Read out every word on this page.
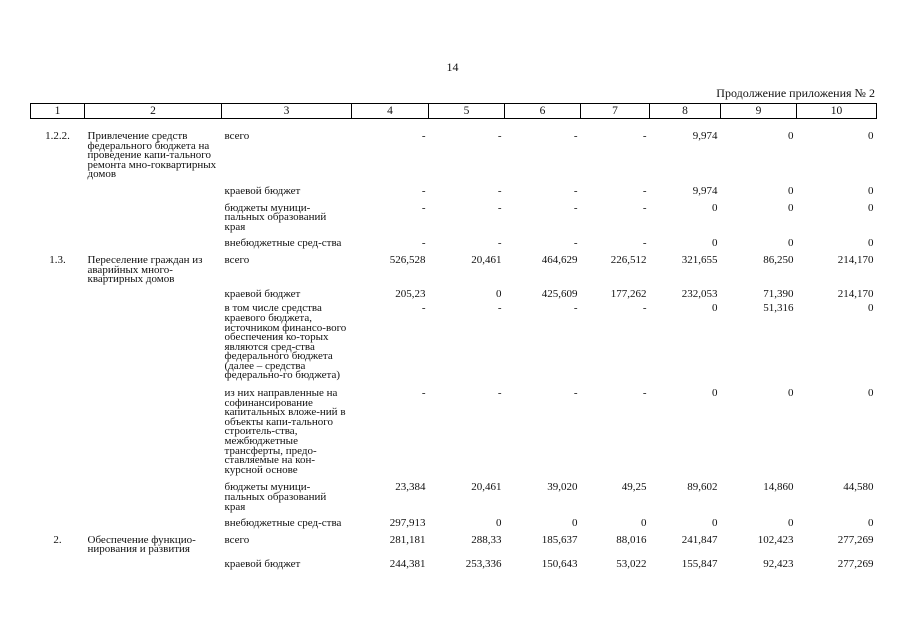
14
Продолжение приложения № 2
1	2	3	4	5	6	7	8	9	10
1.2.2.	Привлечение средств федерального бюджета на проведение капи-тального ремонта мно-гоквартирных домов	всего	-	-	-	-	9,974	0	0
		краевой бюджет	-	-	-	-	9,974	0	0
		бюджеты муници-пальных образований края	-	-	-	-	0	0	0
		внебюджетные сред-ства	-	-	-	-	0	0	0
1.3.	Переселение граждан из аварийных много-квартирных домов	всего	526,528	20,461	464,629	226,512	321,655	86,250	214,170
		краевой бюджет	205,23	0	425,609	177,262	232,053	71,390	214,170
		в том числе средства краевого бюджета, источником финансо-вого обеспечения ко-торых являются сред-ства федерального бюджета (далее – средства федерально-го бюджета)	-	-	-	-	0	51,316	0
		из них направленные на софинансирование капитальных вложе-ний в объекты капи-тального строитель-ства, межбюджетные трансферты, предо-ставляемые на кон-курсной основе	-	-	-	-	0	0	0
		бюджеты муници-пальных образований края	23,384	20,461	39,020	49,25	89,602	14,860	44,580
		внебюджетные сред-ства	297,913	0	0	0	0	0	0
2.	Обеспечение функцио-нирования и развития	всего	281,181	288,33	185,637	88,016	241,847	102,423	277,269
		краевой бюджет	244,381	253,336	150,643	53,022	155,847	92,423	277,269
